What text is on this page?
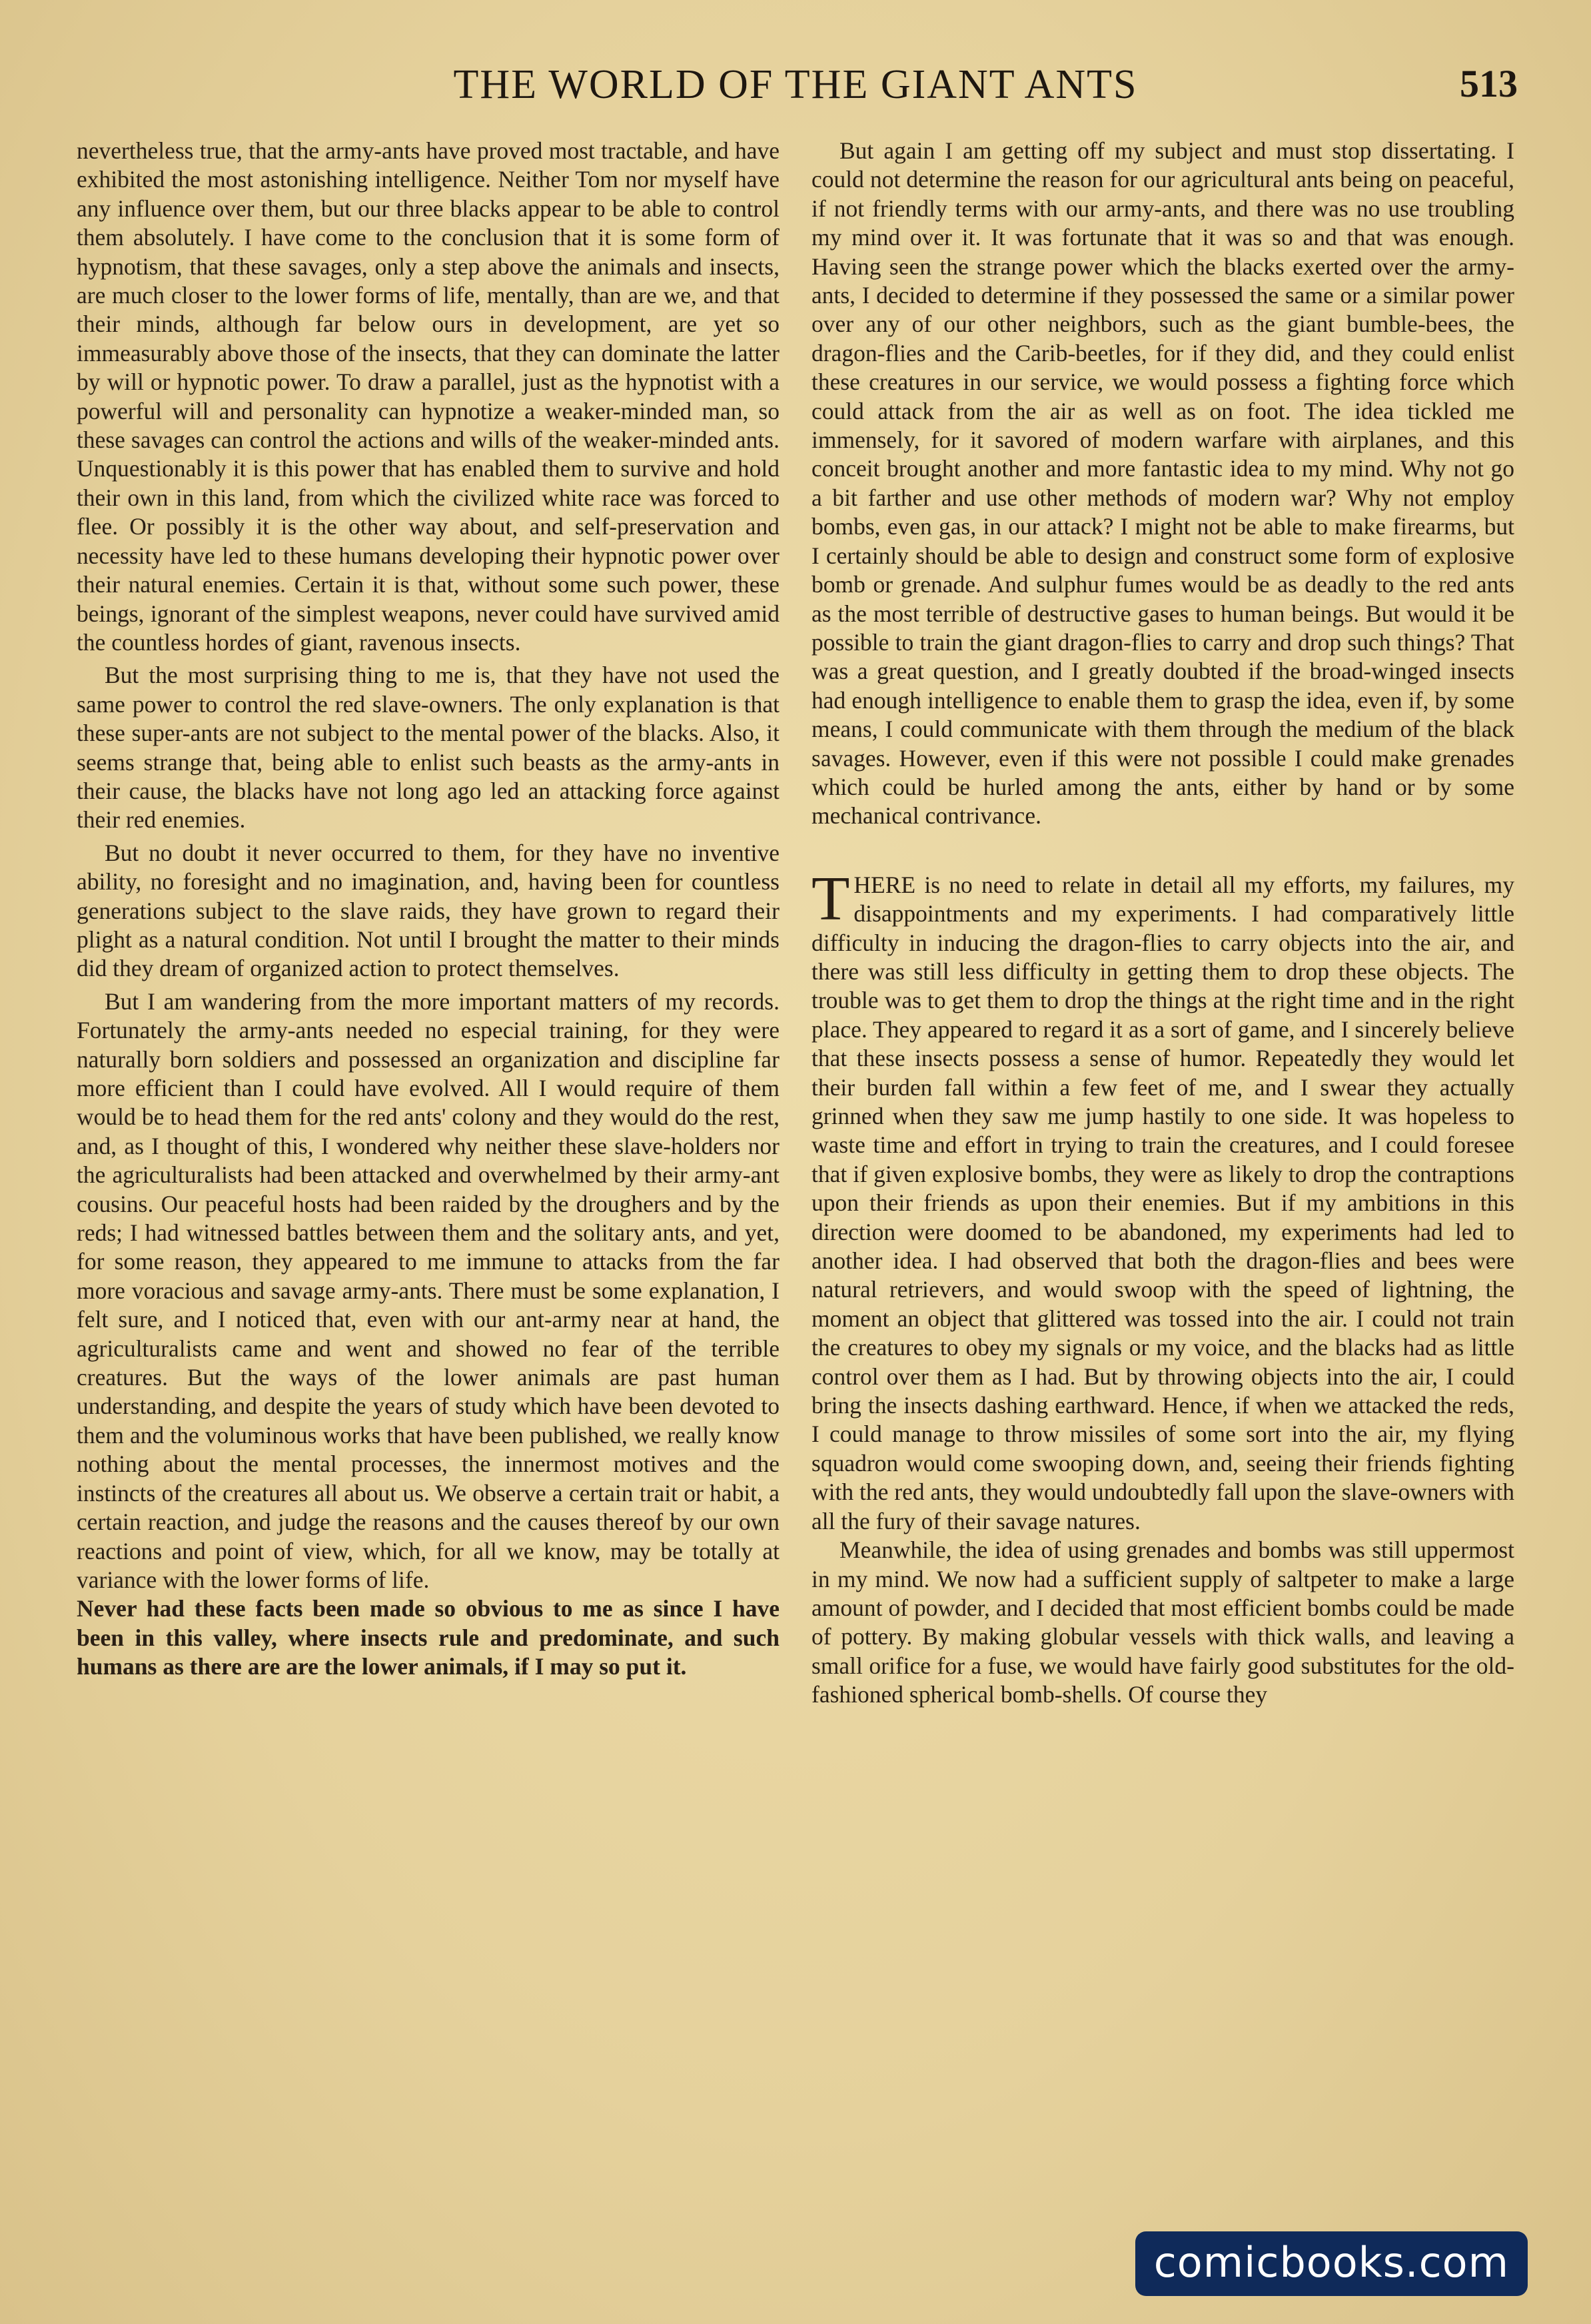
THE WORLD OF THE GIANT ANTS	513

nevertheless true, that the army-ants have proved most tractable, and have exhibited the most astonishing intelligence. Neither Tom nor myself have any influence over them, but our three blacks appear to be able to control them absolutely. I have come to the conclusion that it is some form of hypnotism, that these savages, only a step above the animals and insects, are much closer to the lower forms of life, mentally, than are we, and that their minds, although far below ours in development, are yet so immeasurably above those of the insects, that they can dominate the latter by will or hypnotic power. To draw a parallel, just as the hypnotist with a powerful will and personality can hypnotize a weaker-minded man, so these savages can control the actions and wills of the weaker-minded ants. Unquestionably it is this power that has enabled them to survive and hold their own in this land, from which the civilized white race was forced to flee. Or possibly it is the other way about, and self-preservation and necessity have led to these humans developing their hypnotic power over their natural enemies. Certain it is that, without some such power, these beings, ignorant of the simplest weapons, never could have survived amid the countless hordes of giant, ravenous insects.

But the most surprising thing to me is, that they have not used the same power to control the red slave-owners. The only explanation is that these super-ants are not subject to the mental power of the blacks. Also, it seems strange that, being able to enlist such beasts as the army-ants in their cause, the blacks have not long ago led an attacking force against their red enemies.

But no doubt it never occurred to them, for they have no inventive ability, no foresight and no imagination, and, having been for countless generations subject to the slave raids, they have grown to regard their plight as a natural condition. Not until I brought the matter to their minds did they dream of organized action to protect themselves.

But I am wandering from the more important matters of my records. Fortunately the army-ants needed no especial training, for they were naturally born soldiers and possessed an organization and discipline far more efficient than I could have evolved. All I would require of them would be to head them for the red ants' colony and they would do the rest, and, as I thought of this, I wondered why neither these slave-holders nor the agriculturalists had been attacked and overwhelmed by their army-ant cousins. Our peaceful hosts had been raided by the droughers and by the reds; I had witnessed battles between them and the solitary ants, and yet, for some reason, they appeared to me immune to attacks from the far more voracious and savage army-ants. There must be some explanation, I felt sure, and I noticed that, even with our ant-army near at hand, the agriculturalists came and went and showed no fear of the terrible creatures. But the ways of the lower animals are past human understanding, and despite the years of study which have been devoted to them and the voluminous works that have been published, we really know nothing about the mental processes, the innermost motives and the instincts of the creatures all about us. We observe a certain trait or habit, a certain reaction, and judge the reasons and the causes thereof by our own reactions and point of view, which, for all we know, may be totally at variance with the lower forms of life.

Never had these facts been made so obvious to me as since I have been in this valley, where insects rule and predominate, and such humans as there are are the lower animals, if I may so put it.

But again I am getting off my subject and must stop dissertating. I could not determine the reason for our agricultural ants being on peaceful, if not friendly terms with our army-ants, and there was no use troubling my mind over it. It was fortunate that it was so and that was enough. Having seen the strange power which the blacks exerted over the army-ants, I decided to determine if they possessed the same or a similar power over any of our other neighbors, such as the giant bumble-bees, the dragon-flies and the Carib-beetles, for if they did, and they could enlist these creatures in our service, we would possess a fighting force which could attack from the air as well as on foot. The idea tickled me immensely, for it savored of modern warfare with airplanes, and this conceit brought another and more fantastic idea to my mind. Why not go a bit farther and use other methods of modern war? Why not employ bombs, even gas, in our attack? I might not be able to make firearms, but I certainly should be able to design and construct some form of explosive bomb or grenade. And sulphur fumes would be as deadly to the red ants as the most terrible of destructive gases to human beings. But would it be possible to train the giant dragon-flies to carry and drop such things? That was a great question, and I greatly doubted if the broad-winged insects had enough intelligence to enable them to grasp the idea, even if, by some means, I could communicate with them through the medium of the black savages. However, even if this were not possible I could make grenades which could be hurled among the ants, either by hand or by some mechanical contrivance.

THERE is no need to relate in detail all my efforts, my failures, my disappointments and my experiments. I had comparatively little difficulty in inducing the dragon-flies to carry objects into the air, and there was still less difficulty in getting them to drop these objects. The trouble was to get them to drop the things at the right time and in the right place. They appeared to regard it as a sort of game, and I sincerely believe that these insects possess a sense of humor. Repeatedly they would let their burden fall within a few feet of me, and I swear they actually grinned when they saw me jump hastily to one side. It was hopeless to waste time and effort in trying to train the creatures, and I could foresee that if given explosive bombs, they were as likely to drop the contraptions upon their friends as upon their enemies. But if my ambitions in this direction were doomed to be abandoned, my experiments had led to another idea. I had observed that both the dragon-flies and bees were natural retrievers, and would swoop with the speed of lightning, the moment an object that glittered was tossed into the air. I could not train the creatures to obey my signals or my voice, and the blacks had as little control over them as I had. But by throwing objects into the air, I could bring the insects dashing earthward. Hence, if when we attacked the reds, I could manage to throw missiles of some sort into the air, my flying squadron would come swooping down, and, seeing their friends fighting with the red ants, they would undoubtedly fall upon the slave-owners with all the fury of their savage natures.

Meanwhile, the idea of using grenades and bombs was still uppermost in my mind. We now had a sufficient supply of saltpeter to make a large amount of powder, and I decided that most efficient bombs could be made of pottery. By making globular vessels with thick walls, and leaving a small orifice for a fuse, we would have fairly good substitutes for the old-fashioned spherical bomb-shells. Of course they

comicbooks.com
